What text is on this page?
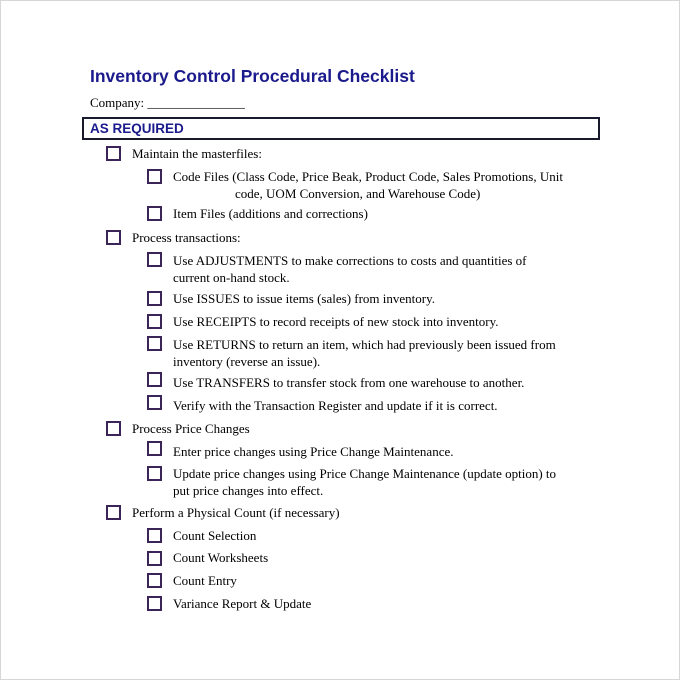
Inventory Control Procedural Checklist
Company: _______________
AS REQUIRED
Maintain the masterfiles:
Code Files (Class Code, Price Beak, Product Code, Sales Promotions, Unit
code, UOM Conversion, and Warehouse Code)
Item Files (additions and corrections)
Process transactions:
Use ADJUSTMENTS to make corrections to costs and quantities of
current on-hand stock.
Use ISSUES to issue items (sales) from inventory.
Use RECEIPTS to record receipts of new stock into inventory.
Use RETURNS to return an item, which had previously been issued from
inventory (reverse an issue).
Use TRANSFERS to transfer stock from one warehouse to another.
Verify with the Transaction Register and update if it is correct.
Process Price Changes
Enter price changes using Price Change Maintenance.
Update price changes using Price Change Maintenance (update option) to
put price changes into effect.
Perform a Physical Count (if necessary)
Count Selection
Count Worksheets
Count Entry
Variance Report & Update
